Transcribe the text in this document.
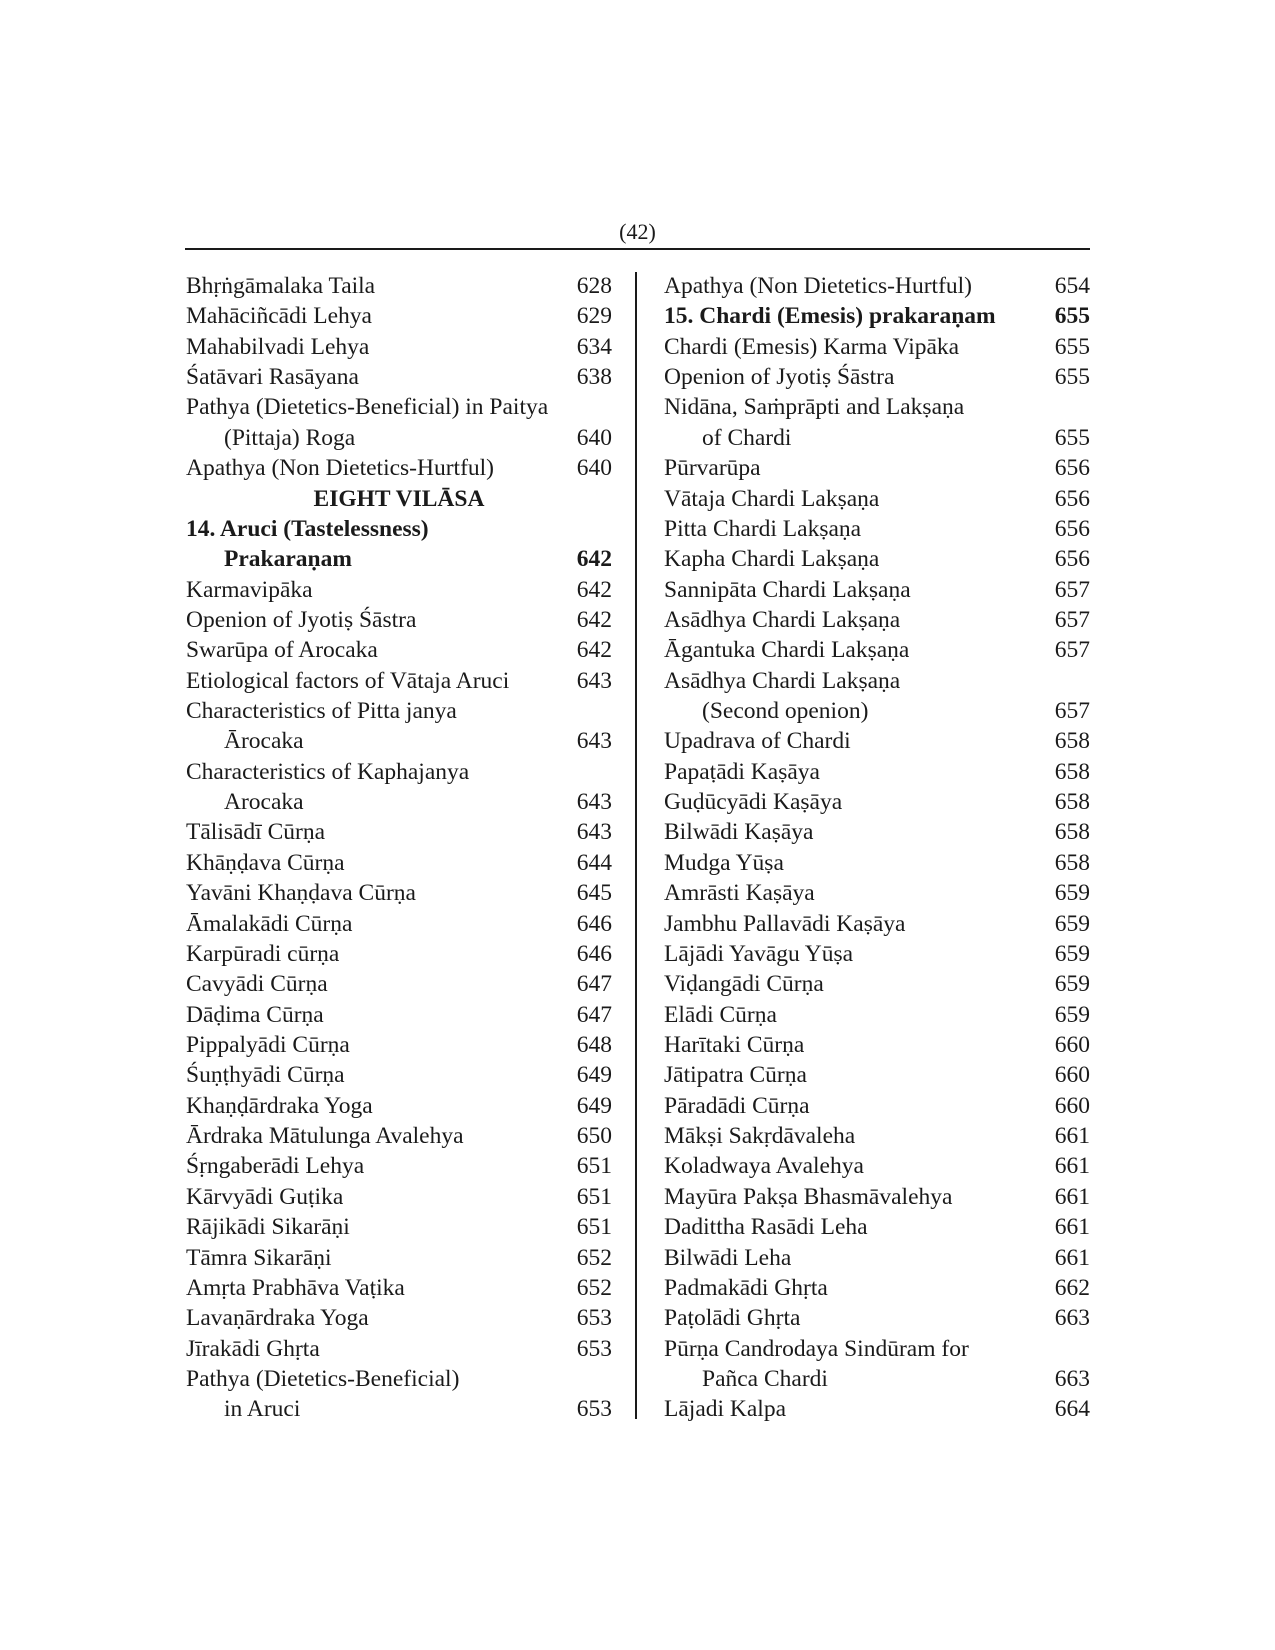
(42)
Bhṛṅgāmalaka Taila	628
Mahāciñcādi Lehya	629
Mahabilvadi Lehya	634
Śatāvari Rasāyana	638
Pathya (Dietetics-Beneficial) in Paitya
(Pittaja) Roga	640
Apathya (Non Dietetics-Hurtful)	640
EIGHT VILĀSA
14. Aruci (Tastelessness)
Prakaraṇam	642
Karmavipāka	642
Openion of Jyotiṣ Śāstra	642
Swarūpa of Arocaka	642
Etiological factors of Vātaja Aruci	643
Characteristics of Pitta janya
Ārocaka	643
Characteristics of Kaphajanya
Arocaka	643
Tālisādī Cūrṇa	643
Khāṇḍava Cūrṇa	644
Yavāni Khaṇḍava Cūrṇa	645
Āmalakādi Cūrṇa	646
Karpūradi cūrṇa	646
Cavyādi Cūrṇa	647
Dāḍima Cūrṇa	647
Pippalyādi Cūrṇa	648
Śuṇṭhyādi Cūrṇa	649
Khaṇḍārdraka Yoga	649
Ārdraka Mātulunga Avalehya	650
Śṛngaberādi Lehya	651
Kārvyādi Guṭika	651
Rājikādi Sikarāṇi	651
Tāmra Sikarāṇi	652
Amṛta Prabhāva Vaṭika	652
Lavaṇārdraka Yoga	653
Jīrakādi Ghṛta	653
Pathya (Dietetics-Beneficial)
in Aruci	653
Apathya (Non Dietetics-Hurtful)	654
15. Chardi (Emesis) prakaraṇam	655
Chardi (Emesis) Karma Vipāka	655
Openion of Jyotiṣ Śāstra	655
Nidāna, Saṁprāpti and Lakṣaṇa
of Chardi	655
Pūrvarūpa	656
Vātaja Chardi Lakṣaṇa	656
Pitta Chardi Lakṣaṇa	656
Kapha Chardi Lakṣaṇa	656
Sannipāta Chardi Lakṣaṇa	657
Asādhya Chardi Lakṣaṇa	657
Āgantuka Chardi Lakṣaṇa	657
Asādhya Chardi Lakṣaṇa
(Second openion)	657
Upadrava of Chardi	658
Papaṭādi Kaṣāya	658
Guḍūcyādi Kaṣāya	658
Bilwādi Kaṣāya	658
Mudga Yūṣa	658
Amrāsti Kaṣāya	659
Jambhu Pallavādi Kaṣāya	659
Lājādi Yavāgu Yūṣa	659
Viḍangādi Cūrṇa	659
Elādi Cūrṇa	659
Harītaki Cūrṇa	660
Jātipatra Cūrṇa	660
Pāradādi Cūrṇa	660
Mākṣi Sakṛdāvaleha	661
Koladwaya Avalehya	661
Mayūra Pakṣa Bhasmāvalehya	661
Dadittha Rasādi Leha	661
Bilwādi Leha	661
Padmakādi Ghṛta	662
Paṭolādi Ghṛta	663
Pūrṇa Candrodaya Sindūram for
Pañca Chardi	663
Lājadi Kalpa	664
